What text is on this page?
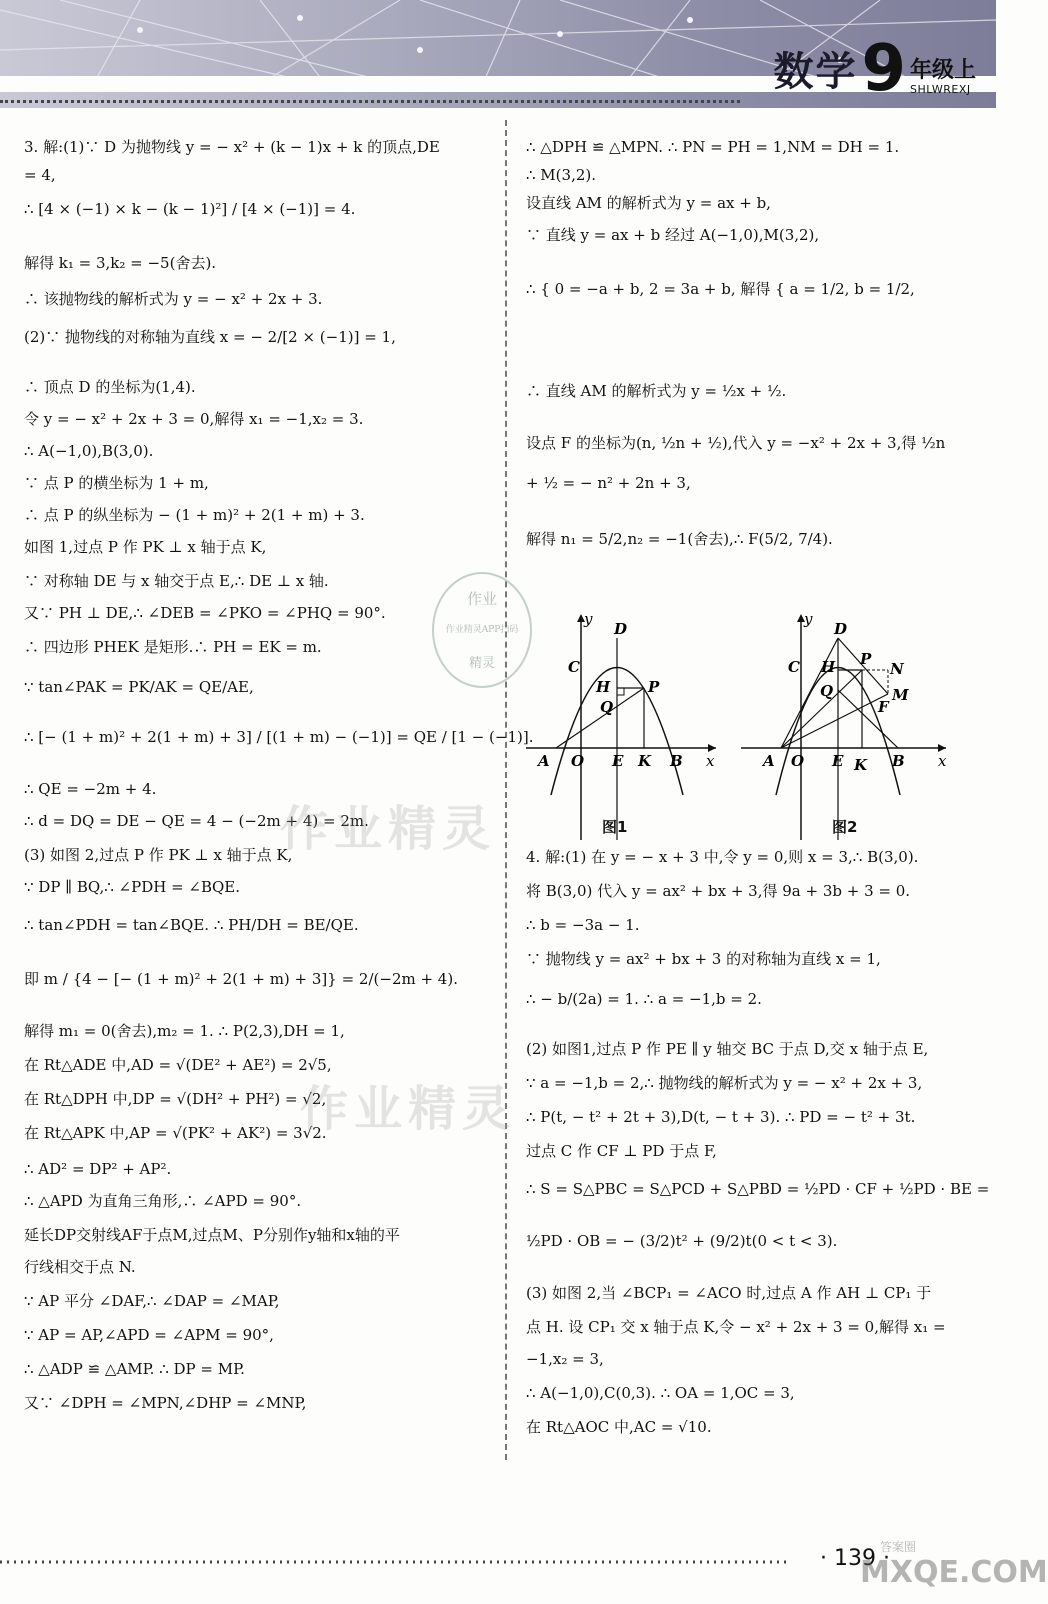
数学 9 年级上
SHLWREXJ
3. 解:(1)∵ D 为抛物线 y = − x² + (k − 1)x + k 的顶点,DE
= 4,
∴ [4 × (−1) × k − (k − 1)²] / [4 × (−1)] = 4.
解得 k₁ = 3,k₂ = −5(舍去).
∴ 该抛物线的解析式为 y = − x² + 2x + 3.
(2)∵ 抛物线的对称轴为直线 x = − 2/[2 × (−1)] = 1,
∴ 顶点 D 的坐标为(1,4).
令 y = − x² + 2x + 3 = 0,解得 x₁ = −1,x₂ = 3.
∴ A(−1,0),B(3,0).
∵ 点 P 的横坐标为 1 + m,
∴ 点 P 的纵坐标为 − (1 + m)² + 2(1 + m) + 3.
如图 1,过点 P 作 PK ⊥ x 轴于点 K,
∵ 对称轴 DE 与 x 轴交于点 E,∴ DE ⊥ x 轴.
又∵ PH ⊥ DE,∴ ∠DEB = ∠PKO = ∠PHQ = 90°.
∴ 四边形 PHEK 是矩形.∴ PH = EK = m.
∵ tan∠PAK = PK/AK = QE/AE,
∴ [− (1 + m)² + 2(1 + m) + 3] / [(1 + m) − (−1)] = QE / [1 − (−1)].
∴ QE = −2m + 4.
∴ d = DQ = DE − QE = 4 − (−2m + 4) = 2m.
(3) 如图 2,过点 P 作 PK ⊥ x 轴于点 K,
∵ DP ∥ BQ,∴ ∠PDH = ∠BQE.
∴ tan∠PDH = tan∠BQE. ∴ PH/DH = BE/QE.
即 m / {4 − [− (1 + m)² + 2(1 + m) + 3]} = 2/(−2m + 4).
解得 m₁ = 0(舍去),m₂ = 1. ∴ P(2,3),DH = 1,
在 Rt△ADE 中,AD = √(DE² + AE²) = 2√5,
在 Rt△DPH 中,DP = √(DH² + PH²) = √2,
在 Rt△APK 中,AP = √(PK² + AK²) = 3√2.
∴ AD² = DP² + AP².
∴ △APD 为直角三角形,∴ ∠APD = 90°.
延长DP交射线AF于点M,过点M、P分别作y轴和x轴的平
行线相交于点 N.
∵ AP 平分 ∠DAF,∴ ∠DAP = ∠MAP,
∵ AP = AP,∠APD = ∠APM = 90°,
∴ △ADP ≌ △AMP. ∴ DP = MP.
又∵ ∠DPH = ∠MPN,∠DHP = ∠MNP,
∴ △DPH ≌ △MPN. ∴ PN = PH = 1,NM = DH = 1.
∴ M(3,2).
设直线 AM 的解析式为 y = ax + b,
∵ 直线 y = ax + b 经过 A(−1,0),M(3,2),
∴ { 0 = −a + b, 2 = 3a + b, 解得 { a = 1/2, b = 1/2,
∴ 直线 AM 的解析式为 y = ½x + ½.
设点 F 的坐标为(n, ½n + ½),代入 y = −x² + 2x + 3,得 ½n
+ ½ = − n² + 2n + 3,
解得 n₁ = 5/2,n₂ = −1(舍去),∴ F(5/2, 7/4).
4. 解:(1) 在 y = − x + 3 中,令 y = 0,则 x = 3,∴ B(3,0).
将 B(3,0) 代入 y = ax² + bx + 3,得 9a + 3b + 3 = 0.
∴ b = −3a − 1.
∵ 抛物线 y = ax² + bx + 3 的对称轴为直线 x = 1,
∴ − b/(2a) = 1. ∴ a = −1,b = 2.
(2) 如图1,过点 P 作 PE ∥ y 轴交 BC 于点 D,交 x 轴于点 E,
∵ a = −1,b = 2,∴ 抛物线的解析式为 y = − x² + 2x + 3,
∴ P(t, − t² + 2t + 3),D(t, − t + 3). ∴ PD = − t² + 3t.
过点 C 作 CF ⊥ PD 于点 F,
∴ S = S△PBC = S△PCD + S△PBD = ½PD · CF + ½PD · BE =
½PD · OB = − (3/2)t² + (9/2)t(0 < t < 3).
(3) 如图 2,当 ∠BCP₁ = ∠ACO 时,过点 A 作 AH ⊥ CP₁ 于
点 H. 设 CP₁ 交 x 轴于点 K,令 − x² + 2x + 3 = 0,解得 x₁ =
−1,x₂ = 3,
∴ A(−1,0),C(0,3). ∴ OA = 1,OC = 3,
在 Rt△AOC 中,AC = √10.
y
x
D
C
H	P
Q
A O E K B
y
x
D
C H P
N
Q	M
F
A O E K B
图1	图2
作业
作业精灵APP扫码
精灵
作业精灵
作业精灵
· 139 ·
答案圈
MXQE.COM
